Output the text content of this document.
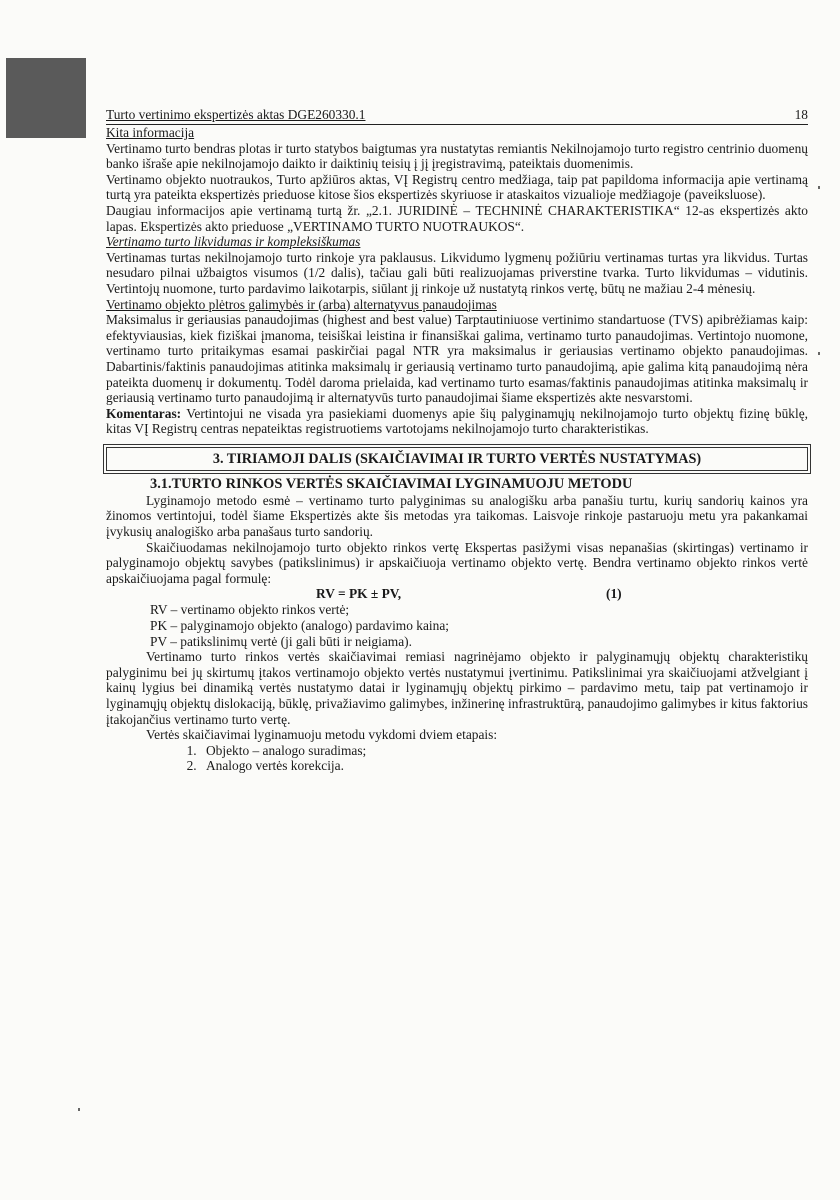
Turto vertinimo ekspertizės aktas DGE260330.1	18

Kita informacija

Vertinamo turto bendras plotas ir turto statybos baigtumas yra nustatytas remiantis Nekilnojamojo turto registro centrinio duomenų banko išraše apie nekilnojamojo daikto ir daiktinių teisių į jį įregistravimą, pateiktais duomenimis.

Vertinamo objekto nuotraukos, Turto apžiūros aktas, VĮ Registrų centro medžiaga, taip pat papildoma informacija apie vertinamą turtą yra pateikta ekspertizės prieduose kitose šios ekspertizės skyriuose ir ataskaitos vizualioje medžiagoje (paveiksluose).

Daugiau informacijos apie vertinamą turtą žr. „2.1. JURIDINĖ – TECHNINĖ CHARAKTERISTIKA“ 12-as ekspertizės akto lapas. Ekspertizės akto prieduose „VERTINAMO TURTO NUOTRAUKOS“.

Vertinamo turto likvidumas ir kompleksiškumas

Vertinamas turtas nekilnojamojo turto rinkoje yra paklausus. Likvidumo lygmenų požiūriu vertinamas turtas yra likvidus. Turtas nesudaro pilnai užbaigtos visumos (1/2 dalis), tačiau gali būti realizuojamas priverstine tvarka. Turto likvidumas – vidutinis. Vertintojų nuomone, turto pardavimo laikotarpis, siūlant jį rinkoje už nustatytą rinkos vertę, būtų ne mažiau 2-4 mėnesių.

Vertinamo objekto plėtros galimybės ir (arba) alternatyvus panaudojimas

Maksimalus ir geriausias panaudojimas (highest and best value) Tarptautiniuose vertinimo standartuose (TVS) apibrėžiamas kaip: efektyviausias, kiek fiziškai įmanoma, teisiškai leistina ir finansiškai galima, vertinamo turto panaudojimas. Vertintojo nuomone, vertinamo turto pritaikymas esamai paskirčiai pagal NTR yra maksimalus ir geriausias vertinamo objekto panaudojimas. Dabartinis/faktinis panaudojimas atitinka maksimalų ir geriausią vertinamo turto panaudojimą, apie galima kitą panaudojimą nėra pateikta duomenų ir dokumentų. Todėl daroma prielaida, kad vertinamo turto esamas/faktinis panaudojimas atitinka maksimalų ir geriausią vertinamo turto panaudojimą ir alternatyvūs turto panaudojimai šiame ekspertizės akte nesvarstomi.

Komentaras: Vertintojui ne visada yra pasiekiami duomenys apie šių palyginamųjų nekilnojamojo turto objektų fizinę būklę, kitas VĮ Registrų centras nepateiktas registruotiems vartotojams nekilnojamojo turto charakteristikas.

3. TIRIAMOJI DALIS (SKAIČIAVIMAI IR TURTO VERTĖS NUSTATYMAS)
3.1.TURTO RINKOS VERTĖS SKAIČIAVIMAI LYGINAMUOJU METODU

Lyginamojo metodo esmė – vertinamo turto palyginimas su analogišku arba panašiu turtu, kurių sandorių kainos yra žinomos vertintojui, todėl šiame Ekspertizės akte šis metodas yra taikomas. Laisvoje rinkoje pastaruoju metu yra pakankamai įvykusių analogiško arba panašaus turto sandorių.

Skaičiuodamas nekilnojamojo turto objekto rinkos vertę Ekspertas pasižymi visas nepanašias (skirtingas) vertinamo ir palyginamojo objektų savybes (patikslinimus) ir apskaičiuoja vertinamo objekto vertę. Bendra vertinamo objekto rinkos vertė apskaičiuojama pagal formulę:

RV = PK ± PV,	(1)

RV – vertinamo objekto rinkos vertė;

PK – palyginamojo objekto (analogo) pardavimo kaina;

PV – patikslinimų vertė (ji gali būti ir neigiama).

Vertinamo turto rinkos vertės skaičiavimai remiasi nagrinėjamo objekto ir palyginamųjų objektų charakteristikų palyginimu bei jų skirtumų įtakos vertinamojo objekto vertės nustatymui įvertinimu. Patikslinimai yra skaičiuojami atžvelgiant į kainų lygius bei dinamiką vertės nustatymo datai ir lyginamųjų objektų pirkimo – pardavimo metu, taip pat vertinamojo ir lyginamųjų objektų dislokaciją, būklę, privažiavimo galimybes, inžinerinę infrastruktūrą, panaudojimo galimybes ir kitus faktorius įtakojančius vertinamo turto vertę.

Vertės skaičiavimai lyginamuoju metodu vykdomi dviem etapais:

1. Objekto – analogo suradimas;
2. Analogo vertės korekcija.
